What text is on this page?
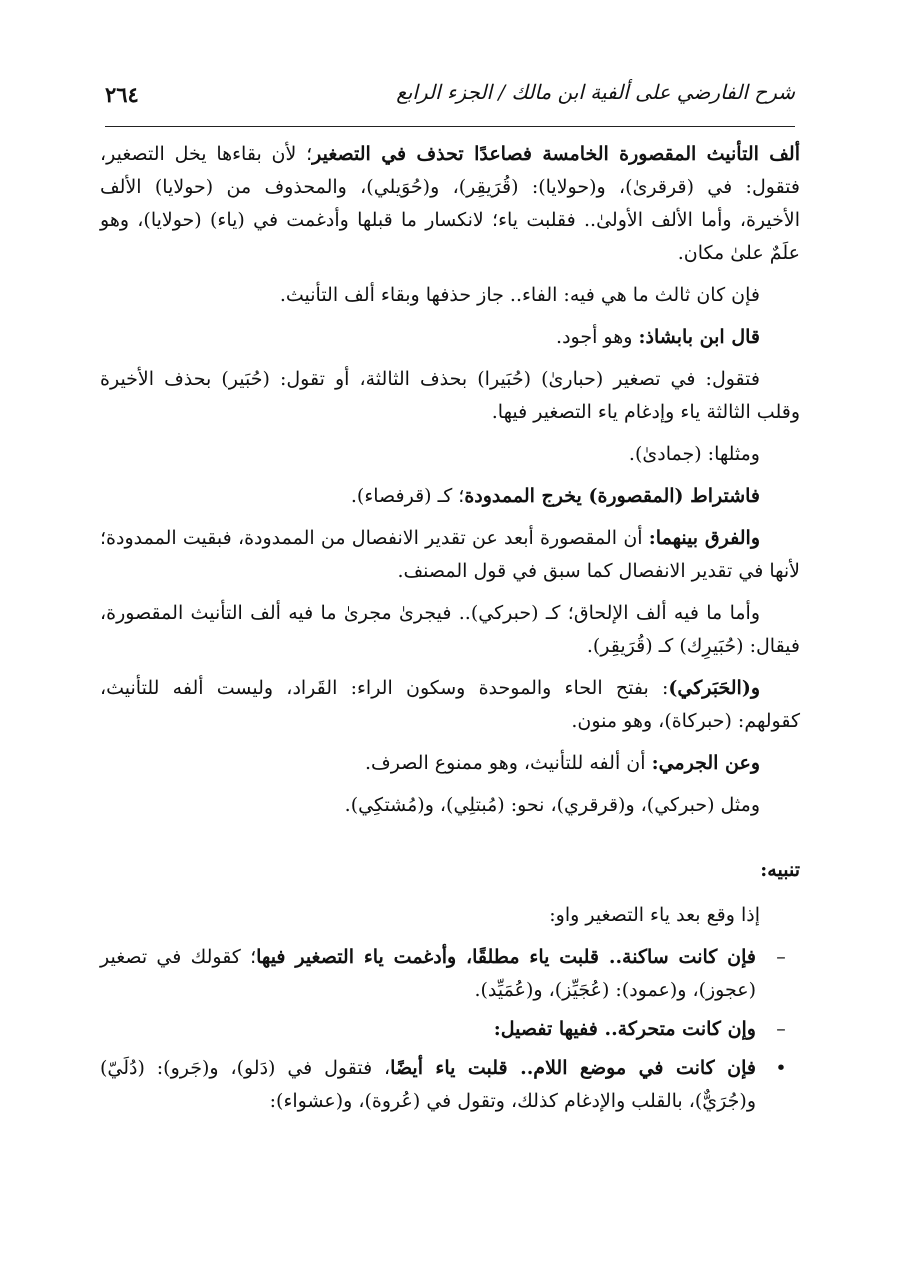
شرح الفارضي على ألفية ابن مالك / الجزء الرابع
٢٦٤

ألف التأنيث المقصورة الخامسة فصاعدًا تحذف في التصغير؛ لأن بقاءها يخل التصغير، فتقول: في (قرقرىٰ)، و(حولايا): (قُرَيقِر)، و(حُوَيلي)، والمحذوف من (حولايا) الألف الأخيرة، وأما الألف الأولىٰ.. فقلبت ياء؛ لانكسار ما قبلها وأدغمت في (ياء) (حولايا)، وهو علَمٌ علىٰ مكان.

فإن كان ثالث ما هي فيه: الفاء.. جاز حذفها وبقاء ألف التأنيث.

قال ابن بابشاذ: وهو أجود.

فتقول: في تصغير (حبارىٰ) (حُبَيرا) بحذف الثالثة، أو تقول: (حُبَير) بحذف الأخيرة وقلب الثالثة ياء وإدغام ياء التصغير فيها.

ومثلها: (جمادىٰ).

فاشتراط (المقصورة) يخرج الممدودة؛ كـ (قرفصاء).

والفرق بينهما: أن المقصورة أبعد عن تقدير الانفصال من الممدودة، فبقيت الممدودة؛ لأنها في تقدير الانفصال كما سبق في قول المصنف.

وأما ما فيه ألف الإلحاق؛ كـ (حبركي).. فيجرىٰ مجرىٰ ما فيه ألف التأنيث المقصورة، فيقال: (حُبَيرِك) كـ (قُرَيقِر).

و(الحَبَركي): بفتح الحاء والموحدة وسكون الراء: القَراد، وليست ألفه للتأنيث، كقولهم: (حبركاة)، وهو منون.

وعن الجرمي: أن ألفه للتأنيث، وهو ممنوع الصرف.

ومثل (حبركي)، و(قرقري)، نحو: (مُبتلِي)، و(مُشتكِي).

تنبيه:

إذا وقع بعد ياء التصغير واو:

–
فإن كانت ساكنة.. قلبت ياء مطلقًا، وأدغمت ياء التصغير فيها؛ كقولك في تصغير (عجوز)، و(عمود): (عُجَيِّز)، و(عُمَيِّد).
–
وإن كانت متحركة.. ففيها تفصيل:
•
فإن كانت في موضع اللام.. قلبت ياء أيضًا، فتقول في (دَلو)، و(جَرو): (دُلَيّ) و(جُرَيٌّ)، بالقلب والإدغام كذلك، وتقول في (عُروة)، و(عشواء):
